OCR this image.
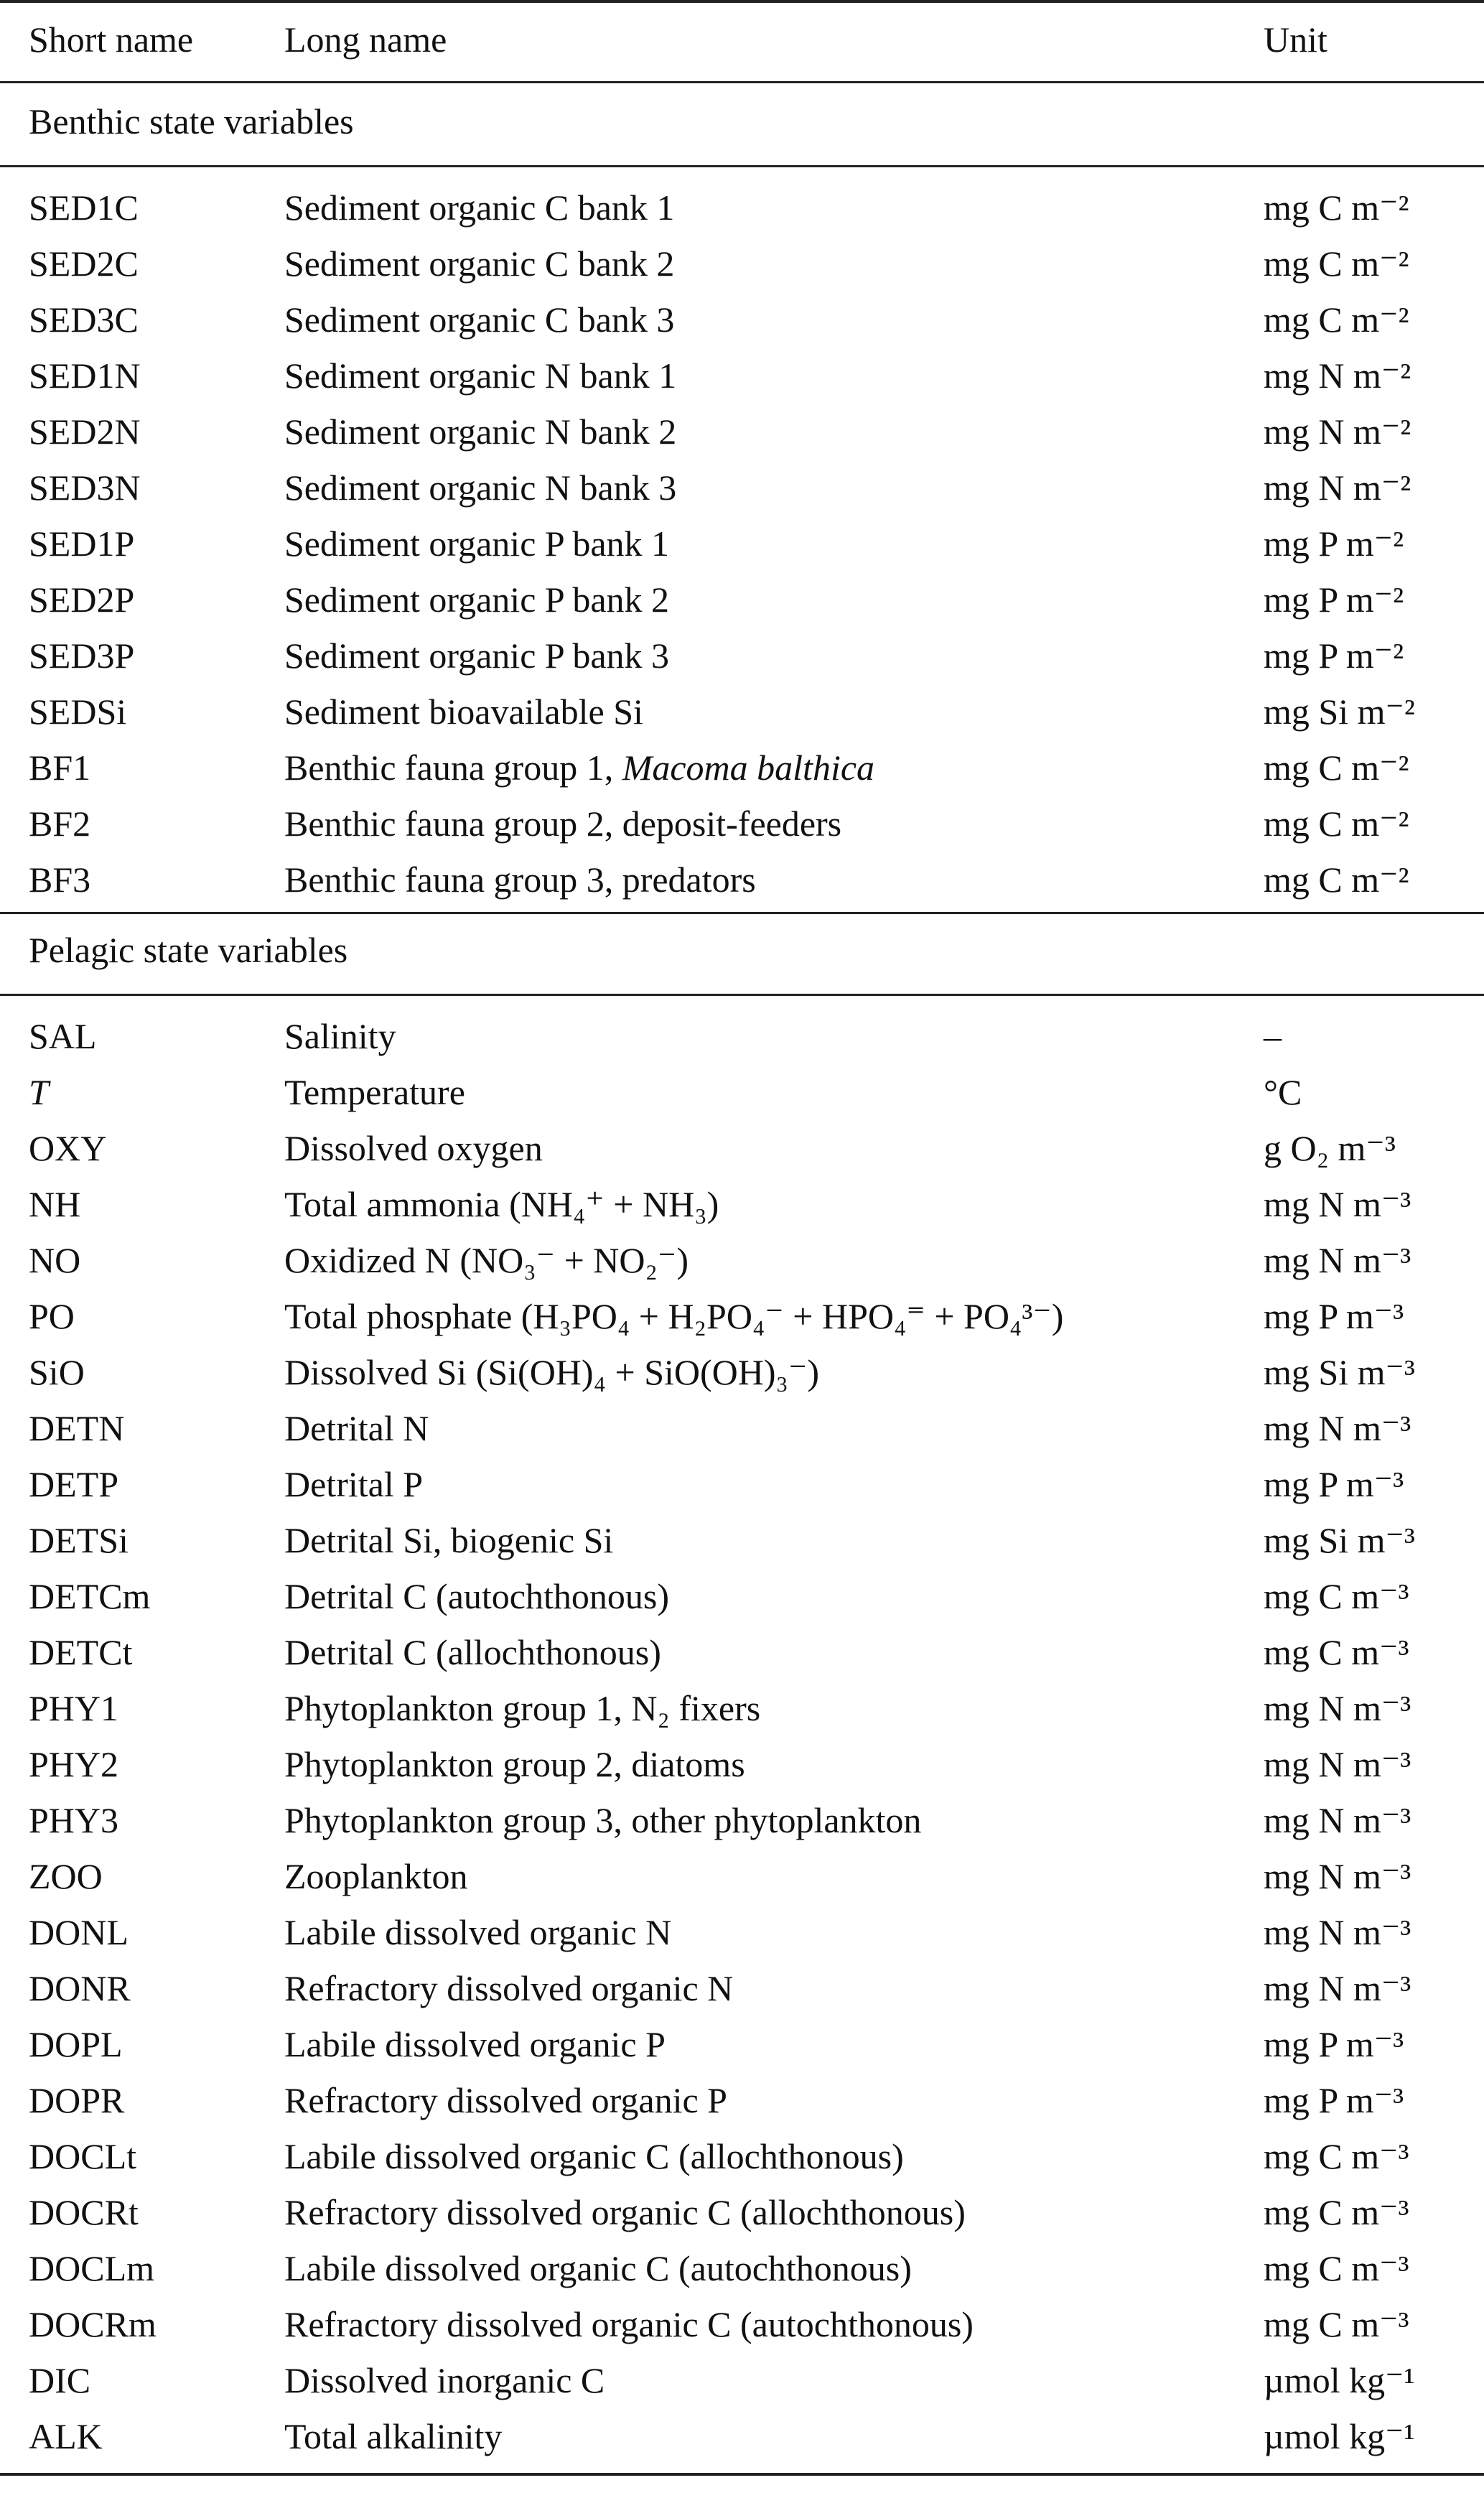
Short name	Long name	Unit
Benthic state variables
SED1C	Sediment organic C bank 1	mg C m⁻²
SED2C	Sediment organic C bank 2	mg C m⁻²
SED3C	Sediment organic C bank 3	mg C m⁻²
SED1N	Sediment organic N bank 1	mg N m⁻²
SED2N	Sediment organic N bank 2	mg N m⁻²
SED3N	Sediment organic N bank 3	mg N m⁻²
SED1P	Sediment organic P bank 1	mg P m⁻²
SED2P	Sediment organic P bank 2	mg P m⁻²
SED3P	Sediment organic P bank 3	mg P m⁻²
SEDSi	Sediment bioavailable Si	mg Si m⁻²
BF1	Benthic fauna group 1, Macoma balthica	mg C m⁻²
BF2	Benthic fauna group 2, deposit-feeders	mg C m⁻²
BF3	Benthic fauna group 3, predators	mg C m⁻²
Pelagic state variables
SAL	Salinity	–
T	Temperature	°C
OXY	Dissolved oxygen	g O₂ m⁻³
NH	Total ammonia (NH₄⁺ + NH₃)	mg N m⁻³
NO	Oxidized N (NO₃⁻ + NO₂⁻)	mg N m⁻³
PO	Total phosphate (H₃PO₄ + H₂PO₄⁻ + HPO₄⁼ + PO₄³⁻)	mg P m⁻³
SiO	Dissolved Si (Si(OH)₄ + SiO(OH)₃⁻)	mg Si m⁻³
DETN	Detrital N	mg N m⁻³
DETP	Detrital P	mg P m⁻³
DETSi	Detrital Si, biogenic Si	mg Si m⁻³
DETCm	Detrital C (autochthonous)	mg C m⁻³
DETCt	Detrital C (allochthonous)	mg C m⁻³
PHY1	Phytoplankton group 1, N₂ fixers	mg N m⁻³
PHY2	Phytoplankton group 2, diatoms	mg N m⁻³
PHY3	Phytoplankton group 3, other phytoplankton	mg N m⁻³
ZOO	Zooplankton	mg N m⁻³
DONL	Labile dissolved organic N	mg N m⁻³
DONR	Refractory dissolved organic N	mg N m⁻³
DOPL	Labile dissolved organic P	mg P m⁻³
DOPR	Refractory dissolved organic P	mg P m⁻³
DOCLt	Labile dissolved organic C (allochthonous)	mg C m⁻³
DOCRt	Refractory dissolved organic C (allochthonous)	mg C m⁻³
DOCLm	Labile dissolved organic C (autochthonous)	mg C m⁻³
DOCRm	Refractory dissolved organic C (autochthonous)	mg C m⁻³
DIC	Dissolved inorganic C	µmol kg⁻¹
ALK	Total alkalinity	µmol kg⁻¹
